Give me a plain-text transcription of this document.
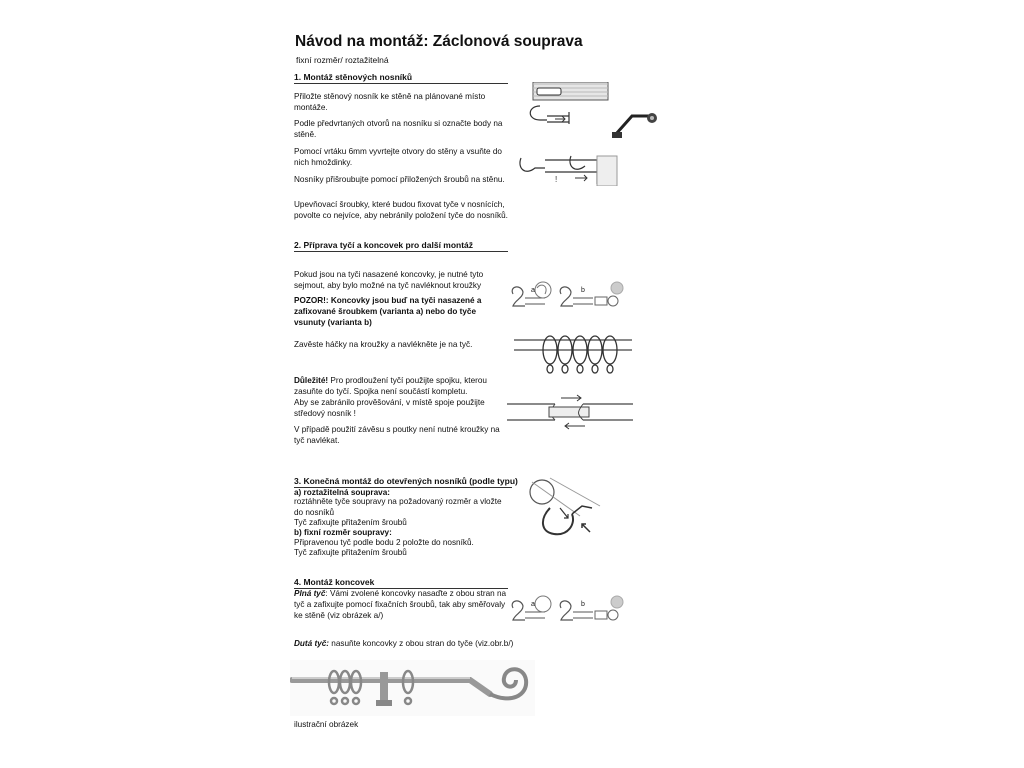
Návod na montáž: Záclonová souprava
fixní rozměr/ roztažitelná
1. Montáž stěnových nosníků
Přiložte stěnový nosník ke stěně na plánované místo montáže.
Podle předvrtaných otvorů na nosníku si označte body na stěně.
Pomocí vrtáku 6mm vyvrtejte otvory do stěny a vsuňte do nich hmoždinky.
Nosníky přišroubujte pomocí přiložených šroubů na stěnu.
Upevňovací šroubky, které budou fixovat tyče v nosnících, povolte co nejvíce, aby nebránily položení tyče do nosníků.
!
2. Příprava tyčí a koncovek pro další montáž
Pokud jsou na tyči nasazené koncovky, je nutné tyto sejmout, aby bylo možné na tyč navléknout kroužky
POZOR!: Koncovky jsou buď na tyči nasazené a zafixované šroubkem (varianta a) nebo do tyče vsunuty (varianta b)
Zavěste háčky na kroužky a navlékněte je na tyč.
Důležité! Pro prodloužení tyčí použijte spojku, kterou zasuňte do tyčí. Spojka není součástí kompletu.
Aby se zabránilo prověšování, v místě spoje použijte středový nosník !
V případě použití závěsu s poutky není nutné kroužky na tyč navlékat.
a	b
3. Konečná montáž do otevřených nosníků (podle typu)
a) roztažitelná souprava:
roztáhněte tyče soupravy na požadovaný rozměr a vložte do nosníků
Tyč zafixujte přitažením šroubů
b) fixní rozměr soupravy:
Připravenou tyč podle bodu 2 položte do nosníků.
Tyč zafixujte přitažením šroubů
4. Montáž koncovek
Plná tyč: Vámi zvolené koncovky nasaďte z obou stran na tyč a zafixujte pomocí fixačních šroubů, tak aby směřovaly ke stěně (viz obrázek a/)
Dutá tyč: nasuňte koncovky z obou stran do tyče (viz.obr.b/)
a	b
ilustrační obrázek
